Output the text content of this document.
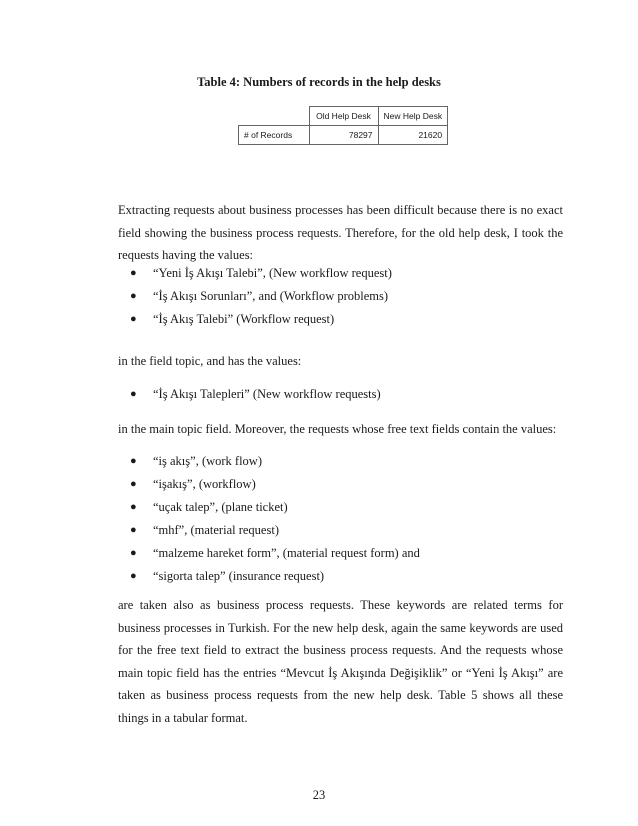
Table 4: Numbers of records in the help desks
	Old Help Desk	New Help Desk
# of Records	78297	21620
Extracting requests about business processes has been difficult because there is no exact field showing the business process requests. Therefore, for the old help desk, I took the requests having the values:
● “Yeni İş Akışı Talebi”, (New workflow request)
● “İş Akışı Sorunları”, and (Workflow problems)
● “İş Akış Talebi” (Workflow request)
in the field topic, and has the values:
● “İş Akışı Talepleri” (New workflow requests)
in the main topic field. Moreover, the requests whose free text fields contain the values:
● “iş akış”, (work flow)
● “işakış”, (workflow)
● “uçak talep”, (plane ticket)
● “mhf”, (material request)
● “malzeme hareket form”, (material request form) and
● “sigorta talep” (insurance request)
are taken also as business process requests. These keywords are related terms for business processes in Turkish. For the new help desk, again the same keywords are used for the free text field to extract the business process requests. And the requests whose main topic field has the entries “Mevcut İş Akışında Değişiklik” or “Yeni İş Akışı” are taken as business process requests from the new help desk. Table 5 shows all these things in a tabular format.
23
